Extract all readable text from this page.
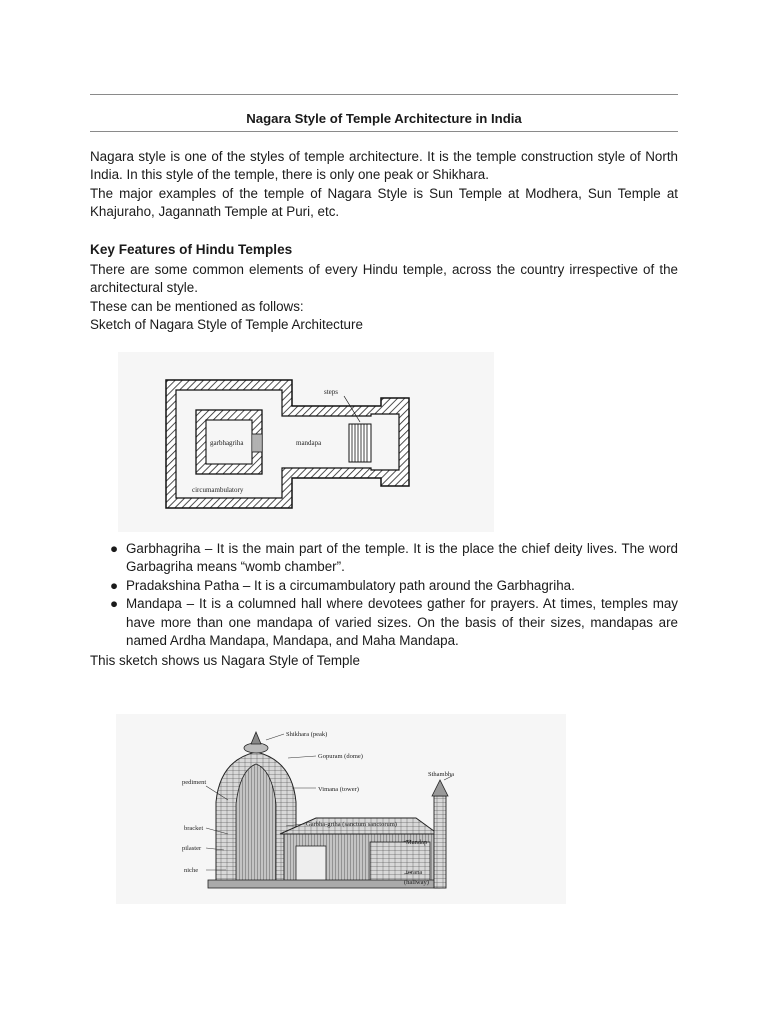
Nagara Style of Temple Architecture in India

Nagara style is one of the styles of temple architecture. It is the temple construction style of North India. In this style of the temple, there is only one peak or Shikhara.

The major examples of the temple of Nagara Style is Sun Temple at Modhera, Sun Temple at Khajuraho, Jagannath Temple at Puri, etc.

Key Features of Hindu Temples

There are some common elements of every Hindu temple, across the country irrespective of the architectural style.

These can be mentioned as follows:
Sketch of Nagara Style of Temple Architecture
steps
garbhagriha	mandapa
circumambulatory
● Garbhagriha – It is the main part of the temple. It is the place the chief deity lives. The word Garbagriha means “womb chamber”.
● Pradakshina Patha – It is a circumambulatory path around the Garbhagriha.
● Mandapa – It is a columned hall where devotees gather for prayers. At times, temples may have more than one mandapa of varied sizes. On the basis of their sizes, mandapas are named Ardha Mandapa, Mandapa, and Maha Mandapa.
This sketch shows us Nagara Style of Temple
Shikhara (peak)
Gopuram (dome)
pediment
Vimana (tower)
Sthambha
bracket
Garbha-griha (sanctum sanctorum)
Mandap
pilaster
niche	torana
(hallway)
